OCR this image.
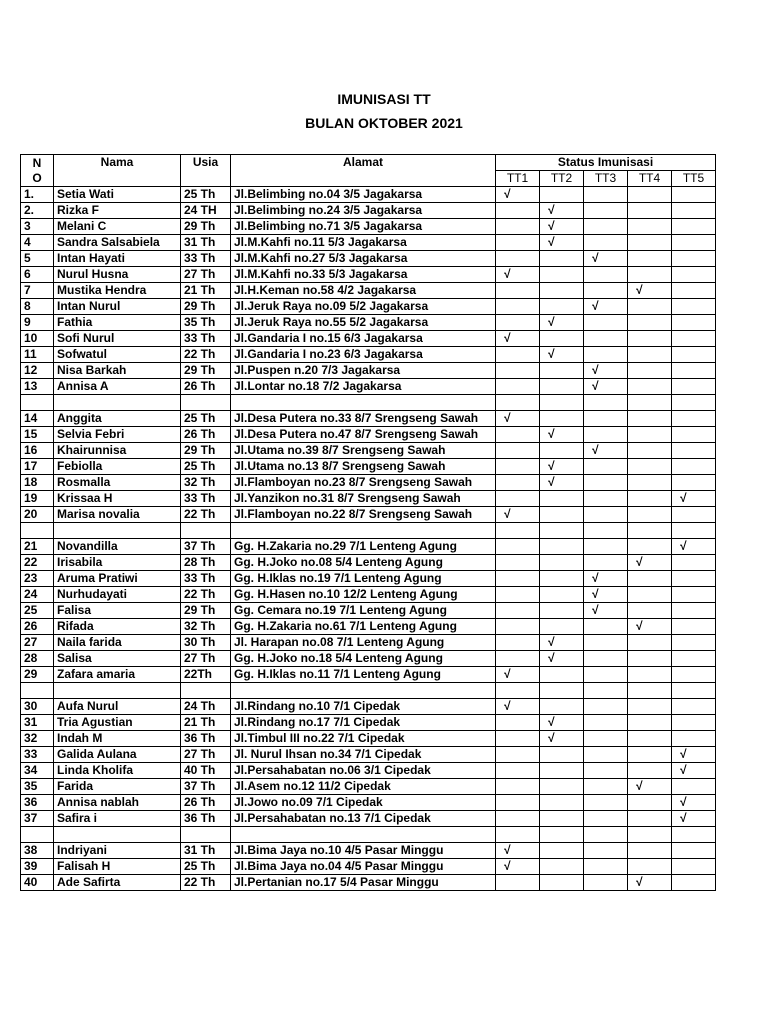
IMUNISASI TT
BULAN OKTOBER 2021
N O	Nama	Usia	Alamat	Status Imunisasi				
				TT1	TT2	TT3	TT4	TT5
1.	Setia Wati	25 Th	Jl.Belimbing no.04 3/5 Jagakarsa	√				
2.	Rizka F	24 TH	Jl.Belimbing no.24 3/5 Jagakarsa		√			
3	Melani C	29 Th	Jl.Belimbing no.71 3/5 Jagakarsa		√			
4	Sandra Salsabiela	31 Th	Jl.M.Kahfi no.11 5/3 Jagakarsa		√			
5	Intan Hayati	33 Th	Jl.M.Kahfi no.27 5/3 Jagakarsa			√		
6	Nurul Husna	27 Th	Jl.M.Kahfi no.33 5/3 Jagakarsa	√				
7	Mustika Hendra	21 Th	Jl.H.Keman no.58 4/2 Jagakarsa				√	
8	Intan Nurul	29 Th	Jl.Jeruk Raya no.09 5/2 Jagakarsa			√		
9	Fathia	35 Th	Jl.Jeruk Raya no.55 5/2 Jagakarsa		√			
10	Sofi Nurul	33 Th	Jl.Gandaria I no.15 6/3 Jagakarsa	√				
11	Sofwatul	22 Th	Jl.Gandaria I no.23 6/3 Jagakarsa		√			
12	Nisa Barkah	29 Th	Jl.Puspen n.20 7/3 Jagakarsa			√		
13	Annisa A	26 Th	Jl.Lontar no.18 7/2 Jagakarsa			√		

14	Anggita	25 Th	Jl.Desa Putera no.33 8/7 Srengseng Sawah	√				
15	Selvia Febri	26 Th	Jl.Desa Putera no.47 8/7 Srengseng Sawah		√			
16	Khairunnisa	29 Th	Jl.Utama no.39 8/7 Srengseng Sawah			√		
17	Febiolla	25 Th	Jl.Utama no.13 8/7 Srengseng Sawah		√			
18	Rosmalla	32 Th	Jl.Flamboyan no.23 8/7 Srengseng Sawah		√			
19	Krissaa H	33 Th	Jl.Yanzikon no.31 8/7 Srengseng Sawah					√
20	Marisa novalia	22 Th	Jl.Flamboyan no.22 8/7 Srengseng Sawah	√				

21	Novandilla	37 Th	Gg. H.Zakaria no.29 7/1 Lenteng Agung					√
22	Irisabila	28 Th	Gg. H.Joko no.08 5/4 Lenteng Agung				√	
23	Aruma Pratiwi	33 Th	Gg. H.Iklas no.19 7/1 Lenteng Agung			√		
24	Nurhudayati	22 Th	Gg. H.Hasen no.10 12/2 Lenteng Agung			√		
25	Falisa	29 Th	Gg. Cemara no.19 7/1 Lenteng Agung			√		
26	Rifada	32 Th	Gg. H.Zakaria no.61 7/1 Lenteng Agung				√	
27	Naila farida	30 Th	Jl. Harapan no.08 7/1 Lenteng Agung		√			
28	Salisa	27 Th	Gg. H.Joko no.18 5/4 Lenteng Agung		√			
29	Zafara amaria	22Th	Gg. H.Iklas no.11 7/1 Lenteng Agung	√				

30	Aufa Nurul	24 Th	Jl.Rindang no.10 7/1 Cipedak	√				
31	Tria Agustian	21 Th	Jl.Rindang no.17 7/1 Cipedak		√			
32	Indah M	36 Th	Jl.Timbul III no.22 7/1 Cipedak		√			
33	Galida Aulana	27 Th	Jl. Nurul Ihsan no.34 7/1 Cipedak					√
34	Linda Kholifa	40 Th	Jl.Persahabatan no.06 3/1 Cipedak					√
35	Farida	37 Th	Jl.Asem no.12 11/2 Cipedak				√	
36	Annisa nablah	26 Th	Jl.Jowo no.09 7/1 Cipedak					√
37	Safira i	36 Th	Jl.Persahabatan no.13 7/1 Cipedak					√

38	Indriyani	31 Th	Jl.Bima Jaya no.10 4/5 Pasar Minggu	√				
39	Falisah H	25 Th	Jl.Bima Jaya no.04 4/5 Pasar Minggu	√				
40	Ade Safirta	22 Th	Jl.Pertanian no.17 5/4 Pasar Minggu				√	
